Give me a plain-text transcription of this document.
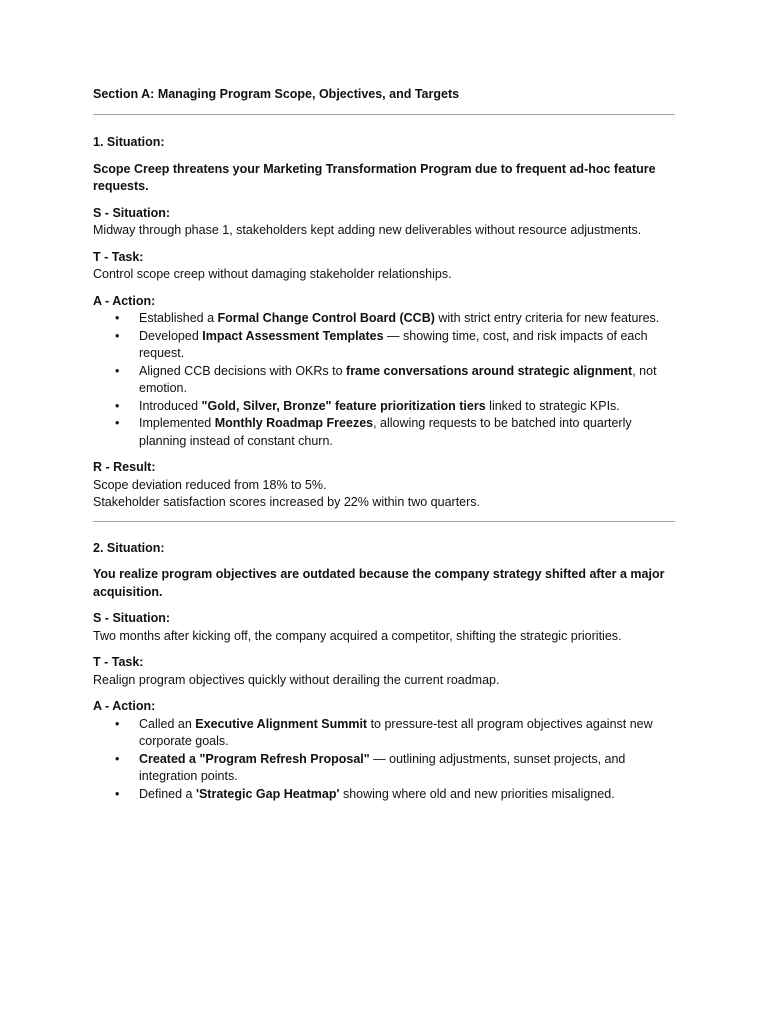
Section A: Managing Program Scope, Objectives, and Targets

1. Situation:

Scope Creep threatens your Marketing Transformation Program due to frequent ad-hoc feature requests.

S - Situation:
Midway through phase 1, stakeholders kept adding new deliverables without resource adjustments.
T - Task:
Control scope creep without damaging stakeholder relationships.
A - Action:
• Established a Formal Change Control Board (CCB) with strict entry criteria for new features.
• Developed Impact Assessment Templates — showing time, cost, and risk impacts of each request.
• Aligned CCB decisions with OKRs to frame conversations around strategic alignment, not emotion.
• Introduced "Gold, Silver, Bronze" feature prioritization tiers linked to strategic KPIs.
• Implemented Monthly Roadmap Freezes, allowing requests to be batched into quarterly planning instead of constant churn.
R - Result:
Scope deviation reduced from 18% to 5%.
Stakeholder satisfaction scores increased by 22% within two quarters.

2. Situation:

You realize program objectives are outdated because the company strategy shifted after a major acquisition.

S - Situation:
Two months after kicking off, the company acquired a competitor, shifting the strategic priorities.
T - Task:
Realign program objectives quickly without derailing the current roadmap.
A - Action:
• Called an Executive Alignment Summit to pressure-test all program objectives against new corporate goals.
• Created a "Program Refresh Proposal" — outlining adjustments, sunset projects, and integration points.
• Defined a 'Strategic Gap Heatmap' showing where old and new priorities misaligned.
